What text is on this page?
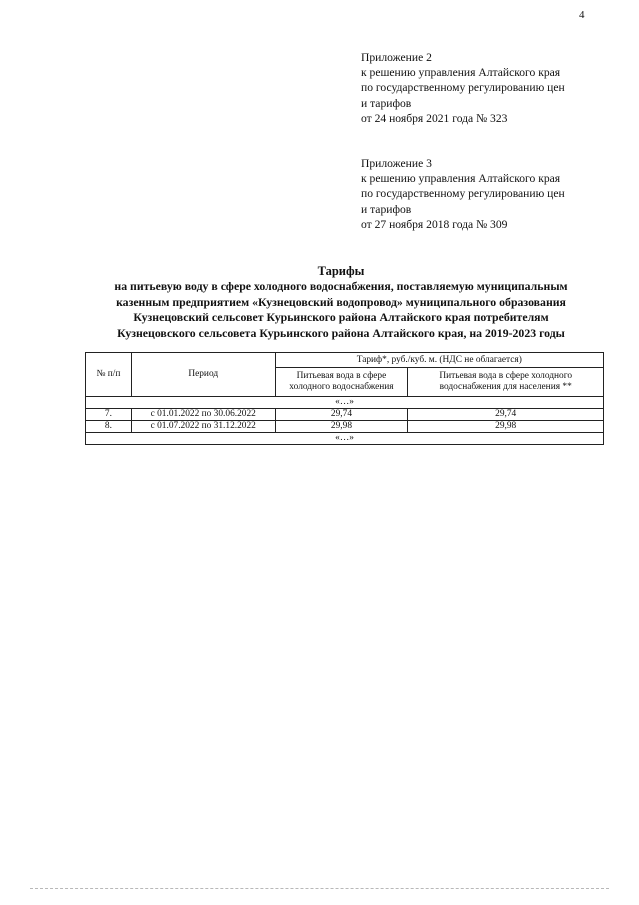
4
Приложение 2
к решению управления Алтайского края
по государственному регулированию цен
и тарифов
от 24 ноября 2021 года № 323
Приложение 3
к решению управления Алтайского края
по государственному регулированию цен
и тарифов
от 27 ноября 2018 года № 309
Тарифы
на питьевую воду в сфере холодного водоснабжения, поставляемую муниципальным
казенным предприятием «Кузнецовский водопровод» муниципального образования
Кузнецовский сельсовет Курьинского района Алтайского края потребителям
Кузнецовского сельсовета Курьинского района Алтайского края, на 2019-2023 годы
№ п/п	Период	Тариф*, руб./куб. м. (НДС не облагается)	
		Питьевая вода в сфере холодного водоснабжения	Питьевая вода в сфере холодного водоснабжения для населения **
«…»			
7.	с 01.01.2022 по 30.06.2022	29,74	29,74
8.	с 01.07.2022 по 31.12.2022	29,98	29,98
«…»			
